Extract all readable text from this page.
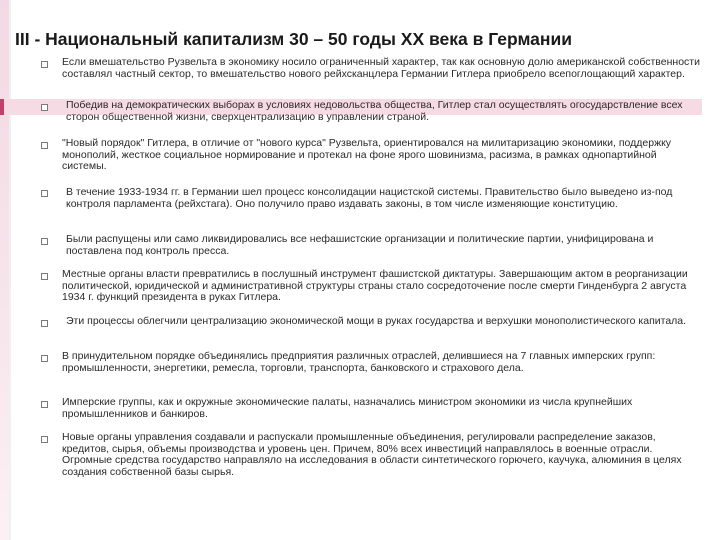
III - Национальный капитализм 30 – 50 годы XX века в Германии
Если вмешательство Рузвельта в экономику носило ограниченный характер, так как основную долю американской собственности составлял частный сектор, то вмешательство нового рейхсканцлера Германии Гитлера приобрело всепоглощающий характер.
Победив на демократических выборах в условиях недовольства общества, Гитлер стал осуществлять огосударствление всех сторон общественной жизни, сверхцентрализацию в управлении страной.
"Новый порядок" Гитлера, в отличие от "нового курса" Рузвельта, ориентировался на милитаризацию экономики, поддержку монополий, жесткое социальное нормирование и протекал на фоне ярого шовинизма, расизма, в рамках однопартийной системы.
В течение 1933-1934 гг. в Германии шел процесс консолидации нацистской системы. Правительство было выведено из-под контроля парламента (рейхстага). Оно получило право издавать законы, в том числе изменяющие конституцию.
Были распущены или само ликвидировались все нефашистские организации и политические партии, унифицирована и поставлена под контроль пресса.
Местные органы власти превратились в послушный инструмент фашистской диктатуры. Завершающим актом в реорганизации политической, юридической и административной структуры страны стало сосредоточение после смерти Гинденбурга 2 августа 1934 г. функций президента в руках Гитлера.
Эти процессы облегчили централизацию экономической мощи в руках государства и верхушки монополистического капитала.
В принудительном порядке объединялись предприятия различных отраслей, делившиеся на 7 главных имперских групп: промышленности, энергетики, ремесла, торговли, транспорта, банковского и страхового дела.
Имперские группы, как и окружные экономические палаты, назначались министром экономики из числа крупнейших промышленников и банкиров.
Новые органы управления создавали и распускали промышленные объединения, регулировали распределение заказов, кредитов, сырья, объемы производства и уровень цен. Причем, 80% всех инвестиций направлялось в военные отрасли. Огромные средства государство направляло на исследования в области синтетического горючего, каучука, алюминия в целях создания собственной базы сырья.
